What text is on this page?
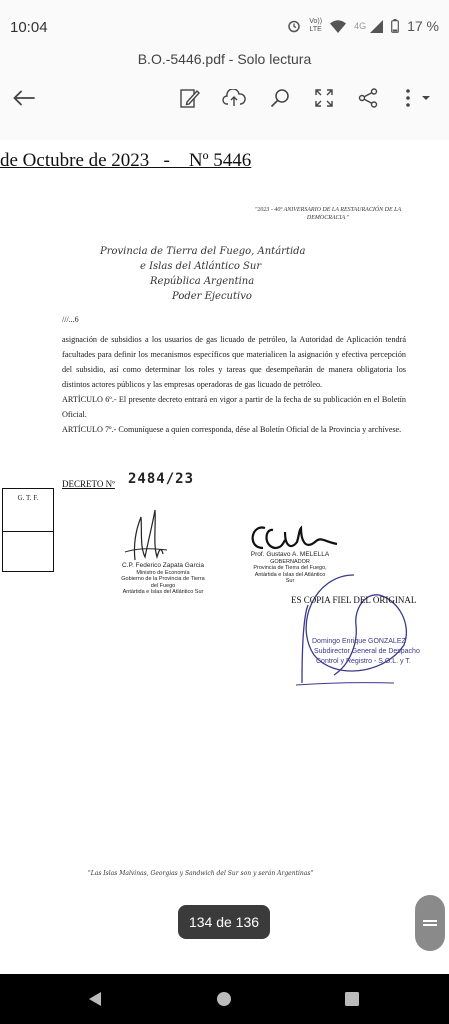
10:04	Vo))
LTE	4G	17 %
B.O.-5446.pdf - Solo lectura
de Octubre de 2023   -    Nº 5446
"2023 - 40º ANIVERSARIO DE LA RESTAURACIÓN DE LA DEMOCRACIA "
Provincia de Tierra del Fuego, Antártida
e Islas del Atlántico Sur
República Argentina
Poder Ejecutivo
///...6

asignación de subsidios a los usuarios de gas licuado de petróleo, la Autoridad de Aplicación tendrá facultades para definir los mecanismos específicos que materialicen la asignación y efectiva percepción del subsidio, así como determinar los roles y tareas que desempeñarán de manera obligatoria los distintos actores públicos y las empresas operadoras de gas licuado de petróleo.

ARTÍCULO 6º.- El presente decreto entrará en vigor a partir de la fecha de su publicación en el Boletín Oficial.

ARTÍCULO 7º.- Comuníquese a quien corresponda, dése al Boletín Oficial de la Provincia y archívese.

DECRETO Nº 2484/23
G. T. F.
C.P. Federico Zapata Garcia
Ministro de Economía
Gobierno de la Provincia de Tierra del Fuego
Antártida e Islas del Atlántico Sur
Prof. Gustavo A. MELELLA
GOBERNADOR
Provincia de Tierra del Fuego,
Antártida e Islas del Atlántico Sur
ES COPIA FIEL DEL ORIGINAL
Domingo Enrique GONZALEZ
Subdirector General de Despacho
Control y Registro - S.G.L. y T.
"Las Islas Malvinas, Georgias y Sandwich del Sur son y serán Argentinas"
134 de 136
